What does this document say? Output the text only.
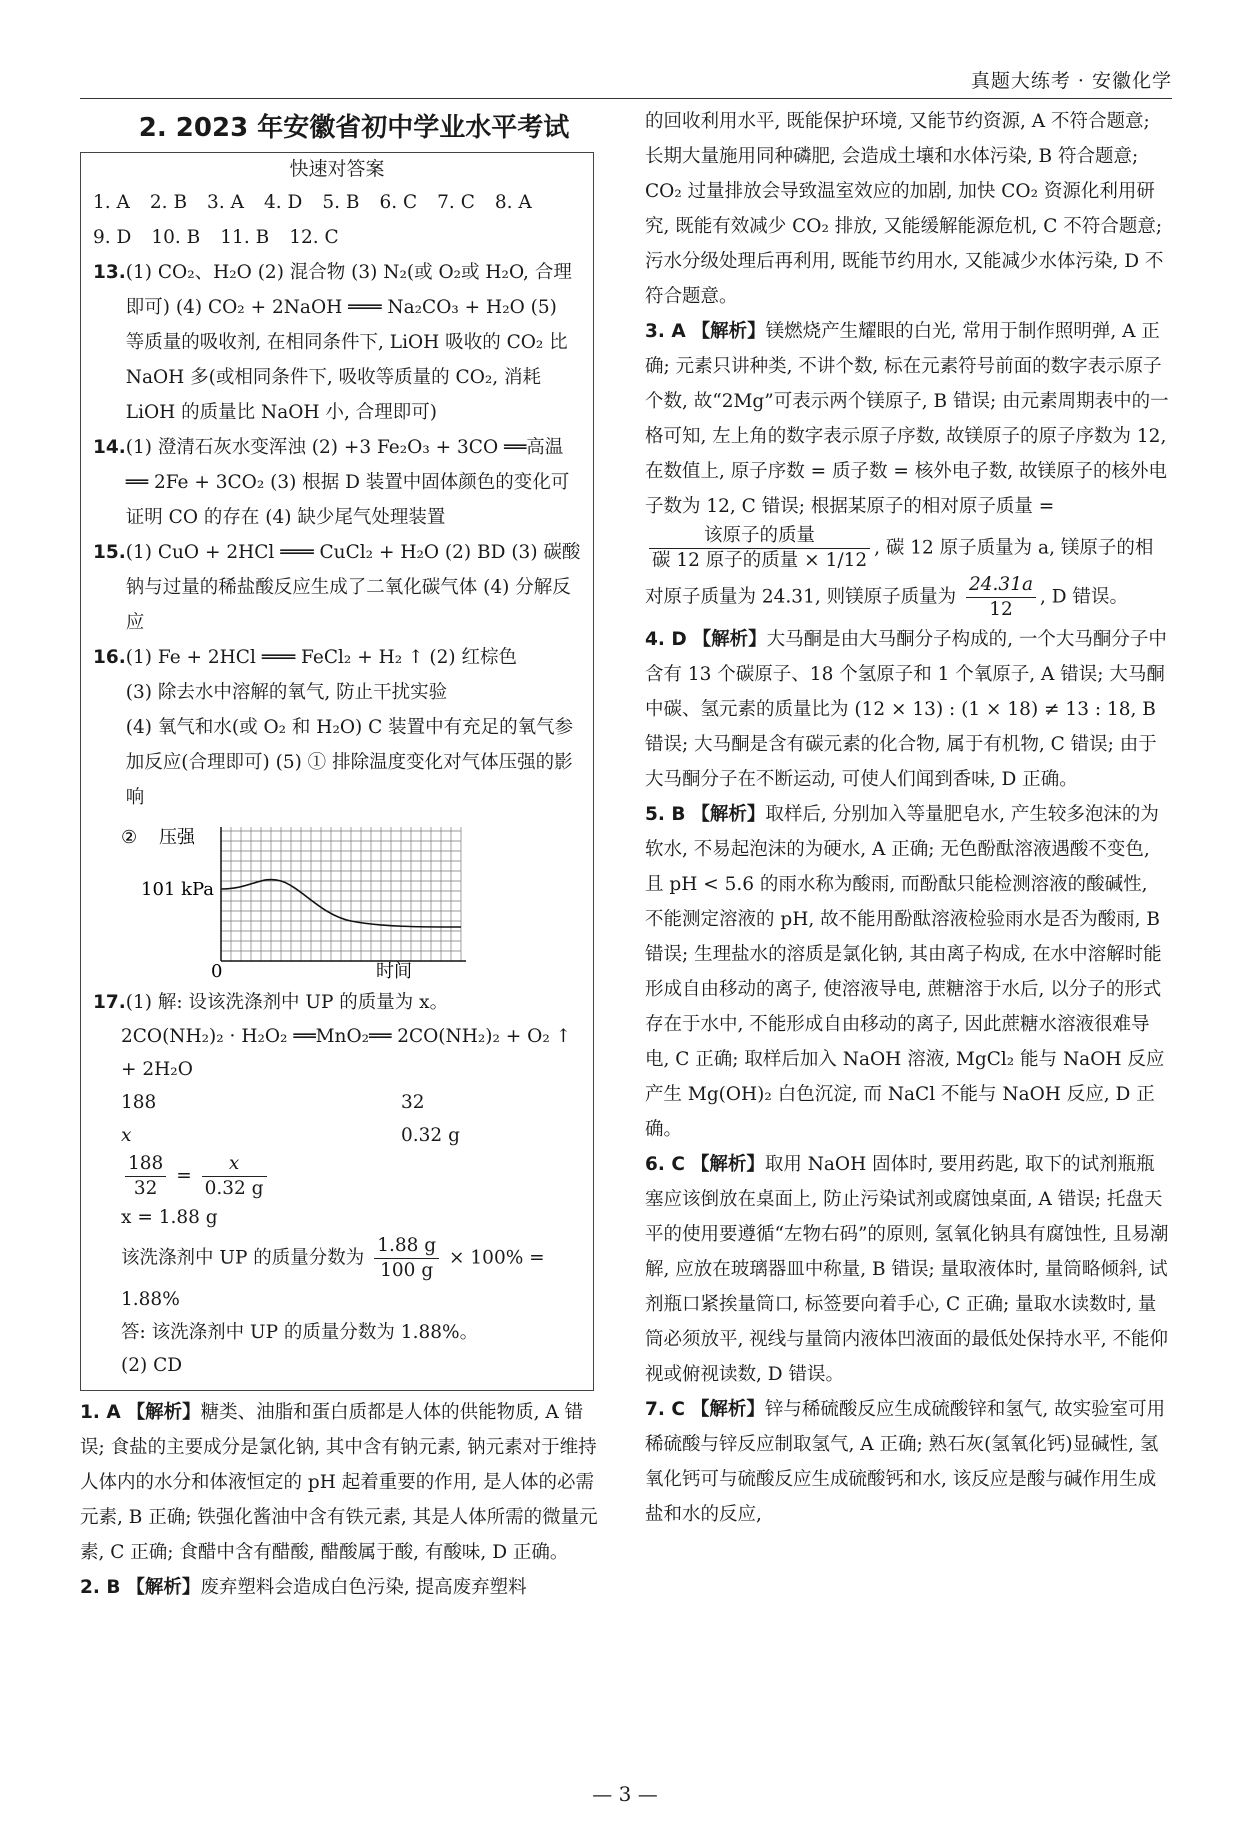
真题大练考 · 安徽化学
2. 2023 年安徽省初中学业水平考试
快速对答案
1. A 2. B 3. A 4. D 5. B 6. C 7. C 8. A
9. D 10. B 11. B 12. C
13. (1) CO₂、H₂O (2) 混合物 (3) N₂(或 O₂或 H₂O, 合理即可) (4) CO₂ + 2NaOH ═══ Na₂CO₃ + H₂O (5) 等质量的吸收剂, 在相同条件下, LiOH 吸收的 CO₂ 比 NaOH 多(或相同条件下, 吸收等质量的 CO₂, 消耗 LiOH 的质量比 NaOH 小, 合理即可)
14. (1) 澄清石灰水变浑浊 (2) +3 Fe₂O₃ + 3CO ══高温══ 2Fe + 3CO₂ (3) 根据 D 装置中固体颜色的变化可证明 CO 的存在 (4) 缺少尾气处理装置
15. (1) CuO + 2HCl ═══ CuCl₂ + H₂O (2) BD (3) 碳酸钠与过量的稀盐酸反应生成了二氧化碳气体 (4) 分解反应
16. (1) Fe + 2HCl ═══ FeCl₂ + H₂ ↑ (2) 红棕色
(3) 除去水中溶解的氧气, 防止干扰实验
(4) 氧气和水(或 O₂ 和 H₂O) C 装置中有充足的氧气参加反应(合理即可) (5) ① 排除温度变化对气体压强的影响
② 压强
101 kPa
0	时间
17. (1) 解: 设该洗涤剂中 UP 的质量为 x。
2CO(NH₂)₂ · H₂O₂ ══MnO₂══ 2CO(NH₂)₂ + O₂ ↑ + 2H₂O
188	32
x	0.32 g
$\frac{188}{32} = \frac{x}{0.32 g}$
x = 1.88 g
该洗涤剂中 UP 的质量分数为 $\frac{1.88 g}{100 g} \times 100\%$ =
1.88%
答: 该洗涤剂中 UP 的质量分数为 1.88%。
(2) CD
1. A 【解析】糖类、油脂和蛋白质都是人体的供能物质, A 错误; 食盐的主要成分是氯化钠, 其中含有钠元素, 钠元素对于维持人体内的水分和体液恒定的 pH 起着重要的作用, 是人体的必需元素, B 正确; 铁强化酱油中含有铁元素, 其是人体所需的微量元素, C 正确; 食醋中含有醋酸, 醋酸属于酸, 有酸味, D 正确。
2. B 【解析】废弃塑料会造成白色污染, 提高废弃塑料
的回收利用水平, 既能保护环境, 又能节约资源, A 不符合题意; 长期大量施用同种磷肥, 会造成土壤和水体污染, B 符合题意; CO₂ 过量排放会导致温室效应的加剧, 加快 CO₂ 资源化利用研究, 既能有效减少 CO₂ 排放, 又能缓解能源危机, C 不符合题意; 污水分级处理后再利用, 既能节约用水, 又能减少水体污染, D 不符合题意。
3. A 【解析】镁燃烧产生耀眼的白光, 常用于制作照明弹, A 正确; 元素只讲种类, 不讲个数, 标在元素符号前面的数字表示原子个数, 故“2Mg”可表示两个镁原子, B 错误; 由元素周期表中的一格可知, 左上角的数字表示原子序数, 故镁原子的原子序数为 12, 在数值上, 原子序数 = 质子数 = 核外电子数, 故镁原子的核外电子数为 12, C 错误; 根据某原子的相对原子质量 =
$\frac{\text{该原子的质量}}{\text{碳 12 原子的质量 × 1/12}}$ , 碳 12 原子质量为 a, 镁原子的相对原子质量为 24.31, 则镁原子质量为 $\frac{24.31a}{12}$ , D 错误。
4. D 【解析】大马酮是由大马酮分子构成的, 一个大马酮分子中含有 13 个碳原子、18 个氢原子和 1 个氧原子, A 错误; 大马酮中碳、氢元素的质量比为 (12 × 13) : (1 × 18) ≠ 13 : 18, B 错误; 大马酮是含有碳元素的化合物, 属于有机物, C 错误; 由于大马酮分子在不断运动, 可使人们闻到香味, D 正确。
5. B 【解析】取样后, 分别加入等量肥皂水, 产生较多泡沫的为软水, 不易起泡沫的为硬水, A 正确; 无色酚酞溶液遇酸不变色, 且 pH < 5.6 的雨水称为酸雨, 而酚酞只能检测溶液的酸碱性, 不能测定溶液的 pH, 故不能用酚酞溶液检验雨水是否为酸雨, B 错误; 生理盐水的溶质是氯化钠, 其由离子构成, 在水中溶解时能形成自由移动的离子, 使溶液导电, 蔗糖溶于水后, 以分子的形式存在于水中, 不能形成自由移动的离子, 因此蔗糖水溶液很难导电, C 正确; 取样后加入 NaOH 溶液, MgCl₂ 能与 NaOH 反应产生 Mg(OH)₂ 白色沉淀, 而 NaCl 不能与 NaOH 反应, D 正确。
6. C 【解析】取用 NaOH 固体时, 要用药匙, 取下的试剂瓶瓶塞应该倒放在桌面上, 防止污染试剂或腐蚀桌面, A 错误; 托盘天平的使用要遵循“左物右码”的原则, 氢氧化钠具有腐蚀性, 且易潮解, 应放在玻璃器皿中称量, B 错误; 量取液体时, 量筒略倾斜, 试剂瓶口紧挨量筒口, 标签要向着手心, C 正确; 量取水读数时, 量筒必须放平, 视线与量筒内液体凹液面的最低处保持水平, 不能仰视或俯视读数, D 错误。
7. C 【解析】锌与稀硫酸反应生成硫酸锌和氢气, 故实验室可用稀硫酸与锌反应制取氢气, A 正确; 熟石灰(氢氧化钙)显碱性, 氢氧化钙可与硫酸反应生成硫酸钙和水, 该反应是酸与碱作用生成盐和水的反应,
— 3 —
